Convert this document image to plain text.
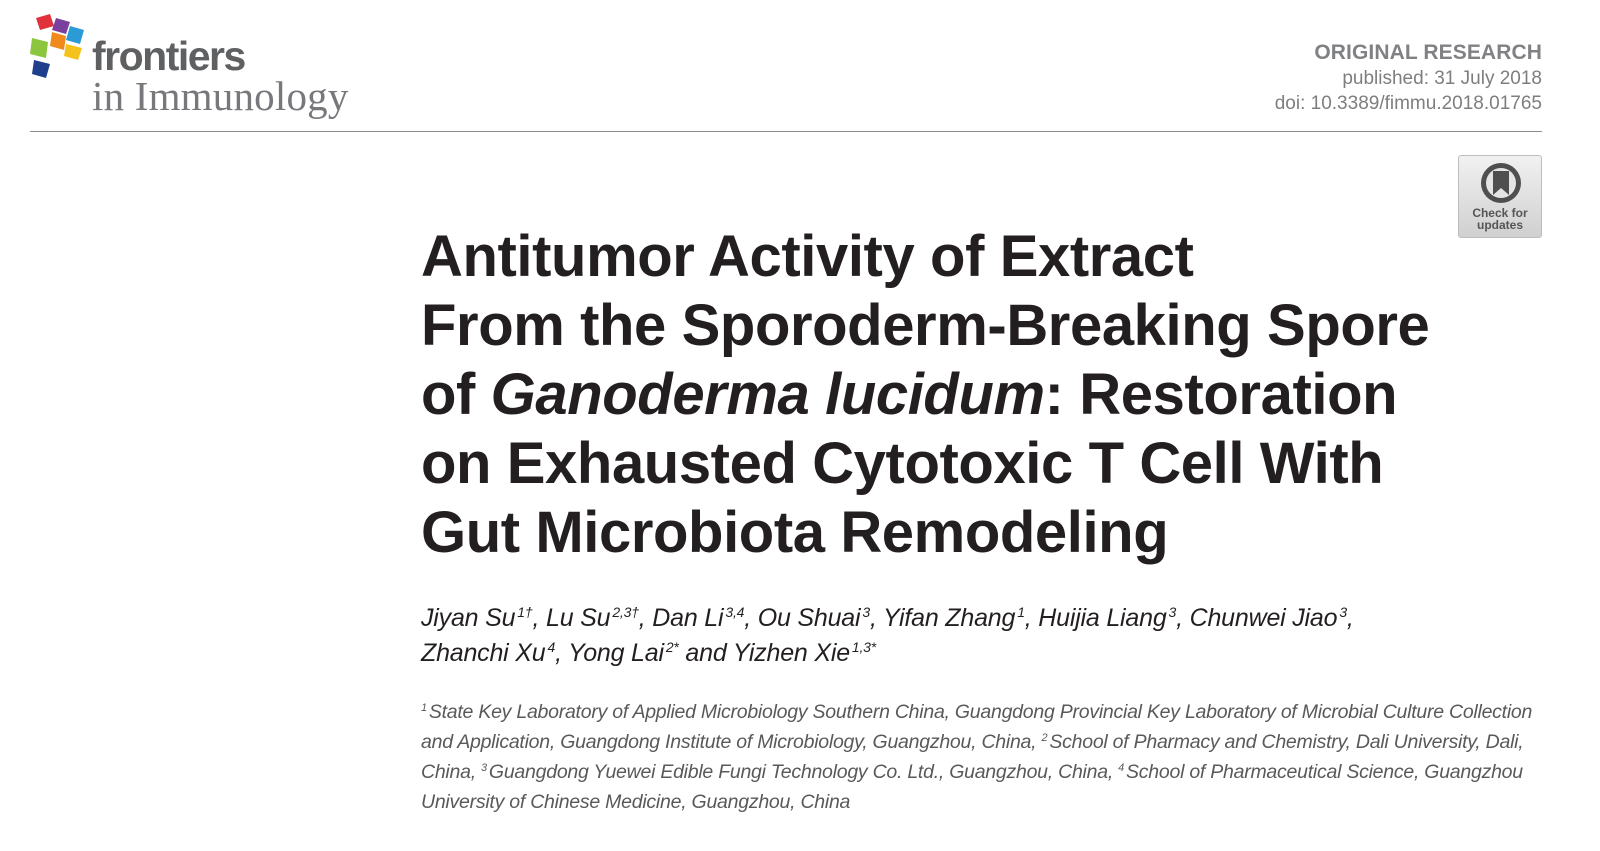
frontiers
in Immunology
ORIGINAL RESEARCH
published: 31 July 2018
doi: 10.3389/fimmu.2018.01765
Check for
updates
Antitumor Activity of Extract
From the Sporoderm-Breaking Spore
of Ganoderma lucidum: Restoration
on Exhausted Cytotoxic T Cell With
Gut Microbiota Remodeling

Jiyan Su $^{1\dagger}$, Lu Su $^{2,3\dagger}$, Dan Li $^{3,4}$, Ou Shuai $^3$, Yifan Zhang $^1$, Huijia Liang $^3$, Chunwei Jiao $^3$,
Zhanchi Xu $^4$, Yong Lai $^{2*}$ and Yizhen Xie $^{1,3*}$

$^1$ State Key Laboratory of Applied Microbiology Southern China, Guangdong Provincial Key Laboratory of Microbial Culture Collection and Application, Guangdong Institute of Microbiology, Guangzhou, China, $^2$ School of Pharmacy and Chemistry, Dali University, Dali, China, $^3$ Guangdong Yuewei Edible Fungi Technology Co. Ltd., Guangzhou, China, $^4$ School of Pharmaceutical Science, Guangzhou University of Chinese Medicine, Guangzhou, China
